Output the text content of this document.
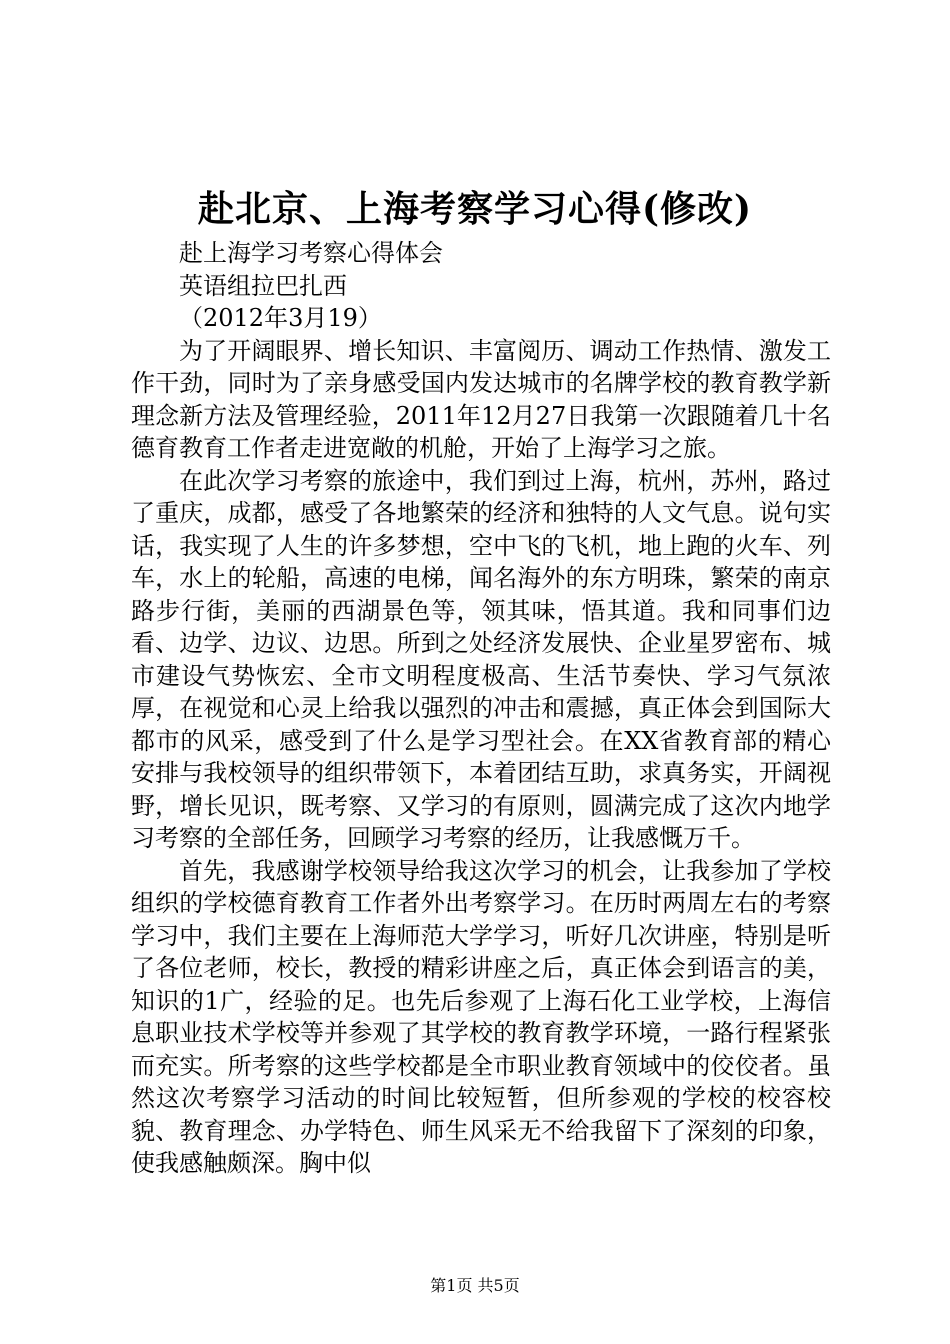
赴北京、上海考察学习心得(修改)

赴上海学习考察心得体会

英语组拉巴扎西

（2012年3月19）

为了开阔眼界、增长知识、丰富阅历、调动工作热情、激发工作干劲，同时为了亲身感受国内发达城市的名牌学校的教育教学新理念新方法及管理经验，2011年12月27日我第一次跟随着几十名德育教育工作者走进宽敞的机舱，开始了上海学习之旅。

在此次学习考察的旅途中，我们到过上海，杭州，苏州，路过了重庆，成都，感受了各地繁荣的经济和独特的人文气息。说句实话，我实现了人生的许多梦想，空中飞的飞机，地上跑的火车、列车，水上的轮船，高速的电梯，闻名海外的东方明珠，繁荣的南京路步行街，美丽的西湖景色等，领其味，悟其道。我和同事们边看、边学、边议、边思。所到之处经济发展快、企业星罗密布、城市建设气势恢宏、全市文明程度极高、生活节奏快、学习气氛浓厚，在视觉和心灵上给我以强烈的冲击和震撼，真正体会到国际大都市的风采，感受到了什么是学习型社会。在XX省教育部的精心安排与我校领导的组织带领下，本着团结互助，求真务实，开阔视野，增长见识，既考察、又学习的有原则，圆满完成了这次内地学习考察的全部任务，回顾学习考察的经历，让我感慨万千。

首先，我感谢学校领导给我这次学习的机会，让我参加了学校组织的学校德育教育工作者外出考察学习。在历时两周左右的考察学习中，我们主要在上海师范大学学习，听好几次讲座，特别是听了各位老师，校长，教授的精彩讲座之后，真正体会到语言的美，知识的1广，经验的足。也先后参观了上海石化工业学校，上海信息职业技术学校等并参观了其学校的教育教学环境，一路行程紧张而充实。所考察的这些学校都是全市职业教育领域中的佼佼者。虽然这次考察学习活动的时间比较短暂，但所参观的学校的校容校貌、教育理念、办学特色、师生风采无不给我留下了深刻的印象，使我感触颇深。胸中似

第1页 共5页
